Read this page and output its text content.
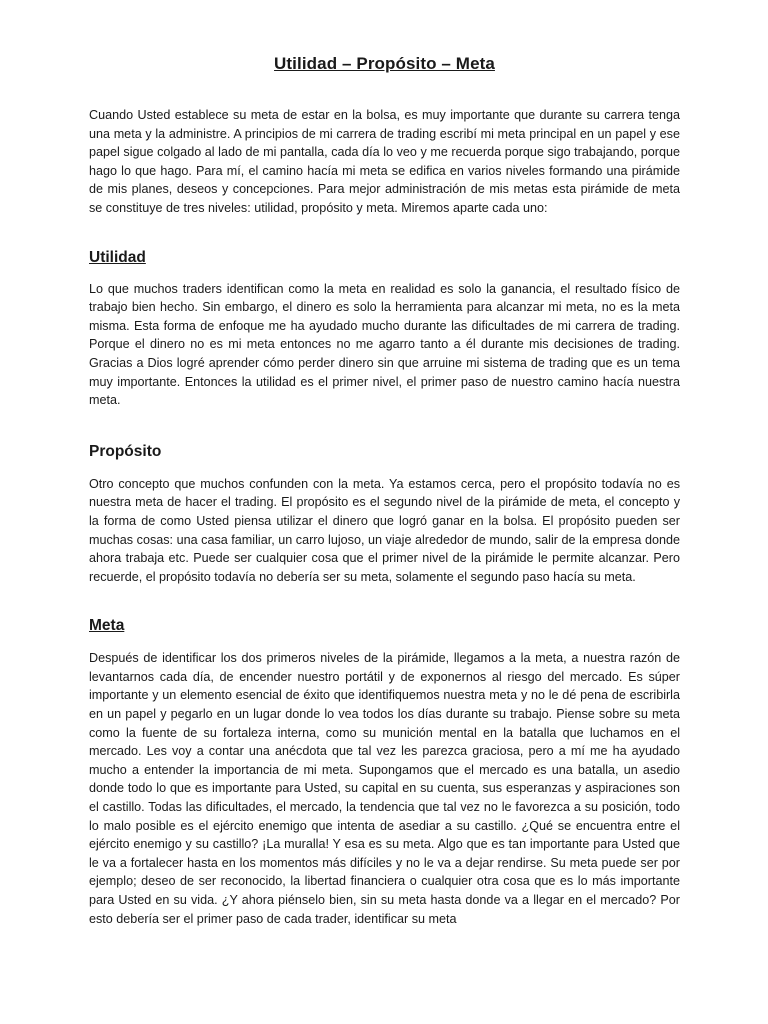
Utilidad – Propósito – Meta

Cuando Usted establece su meta de estar en la bolsa, es muy importante que durante su carrera tenga una meta y la administre. A principios de mi carrera de trading escribí mi meta principal en un papel y ese papel sigue colgado al lado de mi pantalla, cada día lo veo y me recuerda porque sigo trabajando, porque hago lo que hago. Para mí, el camino hacía mi meta se edifica en varios niveles formando una pirámide de mis planes, deseos y concepciones. Para mejor administración de mis metas esta pirámide de meta se constituye de tres niveles: utilidad, propósito y meta. Miremos aparte cada uno:

Utilidad

Lo que muchos traders identifican como la meta en realidad es solo la ganancia, el resultado físico de trabajo bien hecho. Sin embargo, el dinero es solo la herramienta para alcanzar mi meta, no es la meta misma. Esta forma de enfoque me ha ayudado mucho durante las dificultades de mi carrera de trading. Porque el dinero no es mi meta entonces no me agarro tanto a él durante mis decisiones de trading. Gracias a Dios logré aprender cómo perder dinero sin que arruine mi sistema de trading que es un tema muy importante. Entonces la utilidad es el primer nivel, el primer paso de nuestro camino hacía nuestra meta.

Propósito

Otro concepto que muchos confunden con la meta. Ya estamos cerca, pero el propósito todavía no es nuestra meta de hacer el trading. El propósito es el segundo nivel de la pirámide de meta, el concepto y la forma de como Usted piensa utilizar el dinero que logró ganar en la bolsa. El propósito pueden ser muchas cosas: una casa familiar, un carro lujoso, un viaje alrededor de mundo, salir de la empresa donde ahora trabaja etc. Puede ser cualquier cosa que el primer nivel de la pirámide le permite alcanzar. Pero recuerde, el propósito todavía no debería ser su meta, solamente el segundo paso hacía su meta.

Meta

Después de identificar los dos primeros niveles de la pirámide, llegamos a la meta, a nuestra razón de levantarnos cada día, de encender nuestro portátil y de exponernos al riesgo del mercado. Es súper importante y un elemento esencial de éxito que identifiquemos nuestra meta y no le dé pena de escribirla en un papel y pegarlo en un lugar donde lo vea todos los días durante su trabajo. Piense sobre su meta como la fuente de su fortaleza interna, como su munición mental en la batalla que luchamos en el mercado. Les voy a contar una anécdota que tal vez les parezca graciosa, pero a mí me ha ayudado mucho a entender la importancia de mi meta. Supongamos que el mercado es una batalla, un asedio donde todo lo que es importante para Usted, su capital en su cuenta, sus esperanzas y aspiraciones son el castillo. Todas las dificultades, el mercado, la tendencia que tal vez no le favorezca a su posición, todo lo malo posible es el ejército enemigo que intenta de asediar a su castillo. ¿Qué se encuentra entre el ejército enemigo y su castillo? ¡La muralla! Y esa es su meta. Algo que es tan importante para Usted que le va a fortalecer hasta en los momentos más difíciles y no le va a dejar rendirse. Su meta puede ser por ejemplo; deseo de ser reconocido, la libertad financiera o cualquier otra cosa que es lo más importante para Usted en su vida. ¿Y ahora piénselo bien, sin su meta hasta donde va a llegar en el mercado? Por esto debería ser el primer paso de cada trader, identificar su meta
